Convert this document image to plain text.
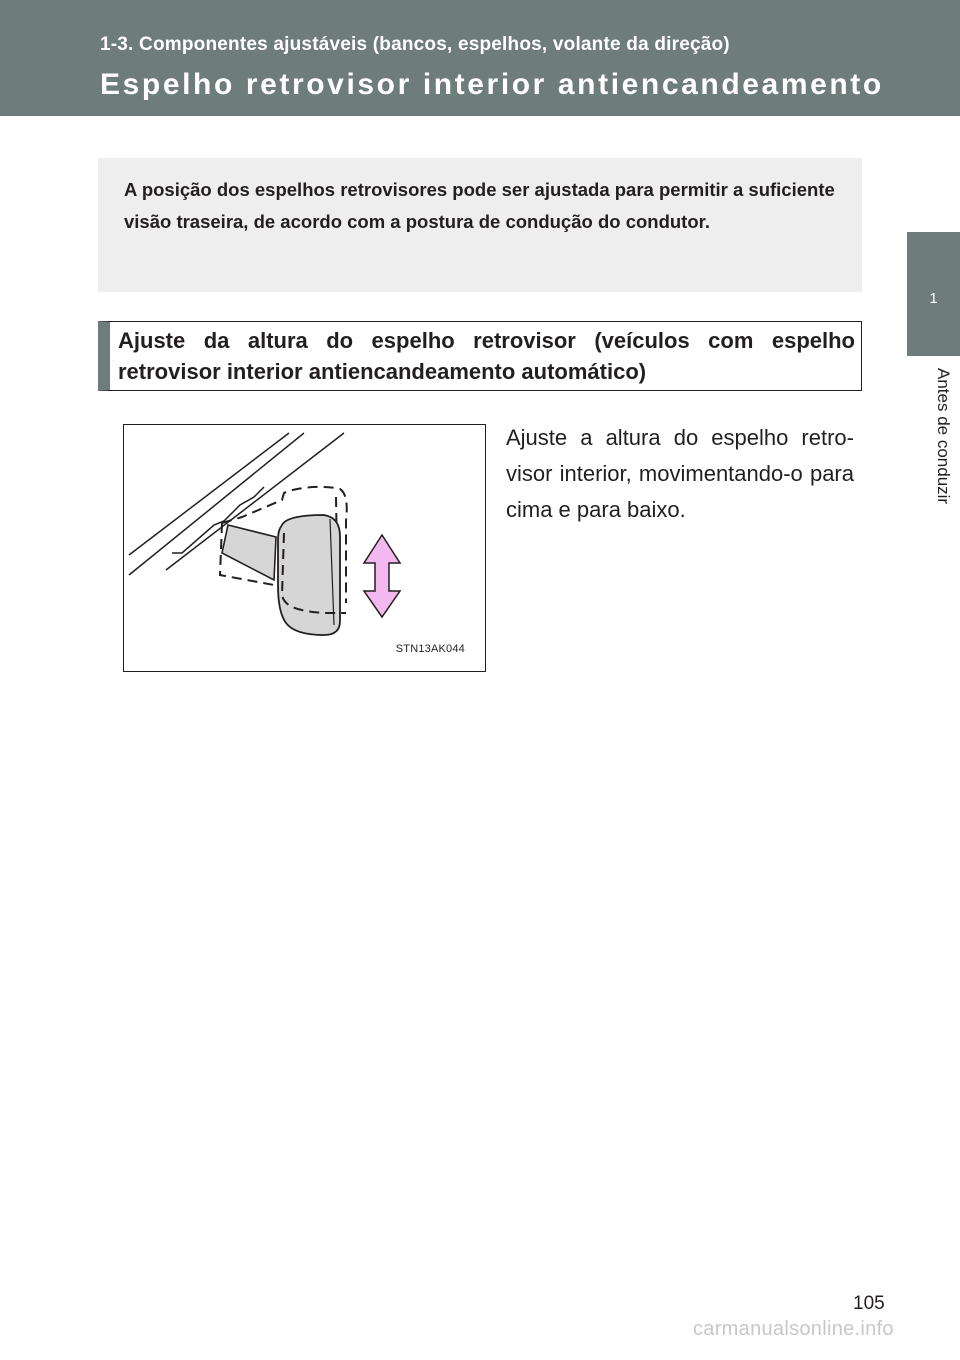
1-3. Componentes ajustáveis (bancos, espelhos, volante da direção)
Espelho retrovisor interior antiencandeamento
1
Antes de conduzir

A posição dos espelhos retrovisores pode ser ajustada para permitir a suficiente visão traseira, de acordo com a postura de condução do condutor.

Ajuste da altura do espelho retrovisor (veículos com espelho retrovisor interior antiencandeamento automático)

STN13AK044

Ajuste a altura do espelho retro-visor interior, movimentando-o para cima e para baixo.

105
carmanualsonline.info
